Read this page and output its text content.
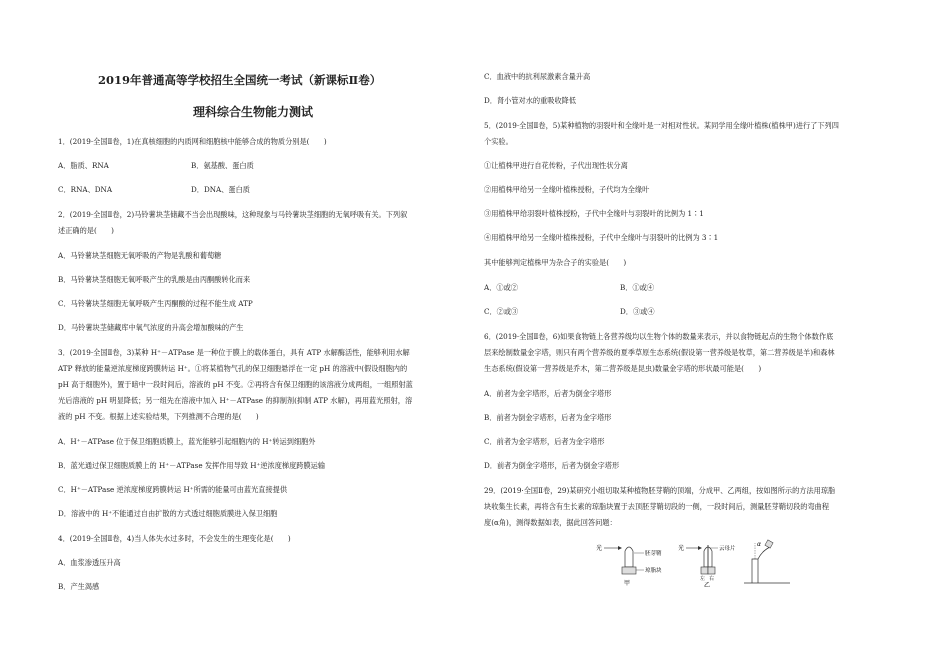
2019年普通高等学校招生全国统一考试（新课标Ⅱ卷）
理科综合生物能力测试
1．(2019·全国Ⅱ卷，1)在真核细胞的内质网和细胞核中能够合成的物质分别是(　　)
A．脂质、RNA	B．氨基酸、蛋白质
C．RNA、DNA	D．DNA、蛋白质
2．(2019·全国Ⅱ卷，2)马铃薯块茎储藏不当会出现酸味，这种现象与马铃薯块茎细胞的无氧呼吸有关。下列叙
述正确的是(　　)
A．马铃薯块茎细胞无氧呼吸的产物是乳酸和葡萄糖
B．马铃薯块茎细胞无氧呼吸产生的乳酸是由丙酮酸转化而来
C．马铃薯块茎细胞无氧呼吸产生丙酮酸的过程不能生成 ATP
D．马铃薯块茎储藏库中氧气浓度的升高会增加酸味的产生
3．(2019·全国Ⅱ卷，3)某种 H⁺－ATPase 是一种位于膜上的载体蛋白，具有 ATP 水解酶活性，能够利用水解
ATP 释放的能量逆浓度梯度跨膜转运 H⁺。①将某植物气孔的保卫细胞悬浮在一定 pH 的溶液中(假设细胞内的
pH 高于细胞外)，置于暗中一段时间后，溶液的 pH 不变。②再将含有保卫细胞的该溶液分成两组，一组照射蓝
光后溶液的 pH 明显降低；另一组先在溶液中加入 H⁺－ATPase 的抑制剂(抑制 ATP 水解)，再用蓝光照射，溶
液的 pH 不变。根据上述实验结果，下列推测不合理的是(　　)
A．H⁺－ATPase 位于保卫细胞质膜上，蓝光能够引起细胞内的 H⁺转运到细胞外
B．蓝光通过保卫细胞质膜上的 H⁺－ATPase 发挥作用导致 H⁺逆浓度梯度跨膜运输
C．H⁺－ATPase 逆浓度梯度跨膜转运 H⁺所需的能量可由蓝光直接提供
D．溶液中的 H⁺不能通过自由扩散的方式透过细胞质膜进入保卫细胞
4．(2019·全国Ⅱ卷，4)当人体失水过多时，不会发生的生理变化是(　　)
A．血浆渗透压升高
B．产生渴感
C．血液中的抗利尿激素含量升高
D．肾小管对水的重吸收降低
5．(2019·全国Ⅱ卷，5)某种植物的羽裂叶和全缘叶是一对相对性状。某同学用全缘叶植株(植株甲)进行了下列四
个实验。
①让植株甲进行自花传粉，子代出现性状分离
②用植株甲给另一全缘叶植株授粉，子代均为全缘叶
③用植株甲给羽裂叶植株授粉，子代中全缘叶与羽裂叶的比例为 1∶1
④用植株甲给另一全缘叶植株授粉，子代中全缘叶与羽裂叶的比例为 3∶1
其中能够判定植株甲为杂合子的实验是(　　)
A．①或②	B．①或④
C．②或③	D．③或④
6．(2019·全国Ⅱ卷，6)如果食物链上各营养级均以生物个体的数量来表示，并以食物链起点的生物个体数作底
层来绘制数量金字塔，则只有两个营养级的夏季草原生态系统(假设第一营养级是牧草，第二营养级是羊)和森林
生态系统(假设第一营养级是乔木，第二营养级是昆虫)数量金字塔的形状最可能是(　　)
A．前者为金字塔形，后者为倒金字塔形
B．前者为倒金字塔形，后者为金字塔形
C．前者为金字塔形，后者为金字塔形
D．前者为倒金字塔形，后者为倒金字塔形
29．(2019·全国Ⅱ卷，29)某研究小组切取某种植物胚芽鞘的顶端，分成甲、乙两组，按如图所示的方法用琼脂
块收集生长素，再将含有生长素的琼脂块置于去顶胚芽鞘切段的一侧，一段时间后，测量胚芽鞘切段的弯曲程
度(α角)，测得数据如表，据此回答问题：
光
胚芽鞘
琼脂块
甲
光	云母片
左 右
乙
α
